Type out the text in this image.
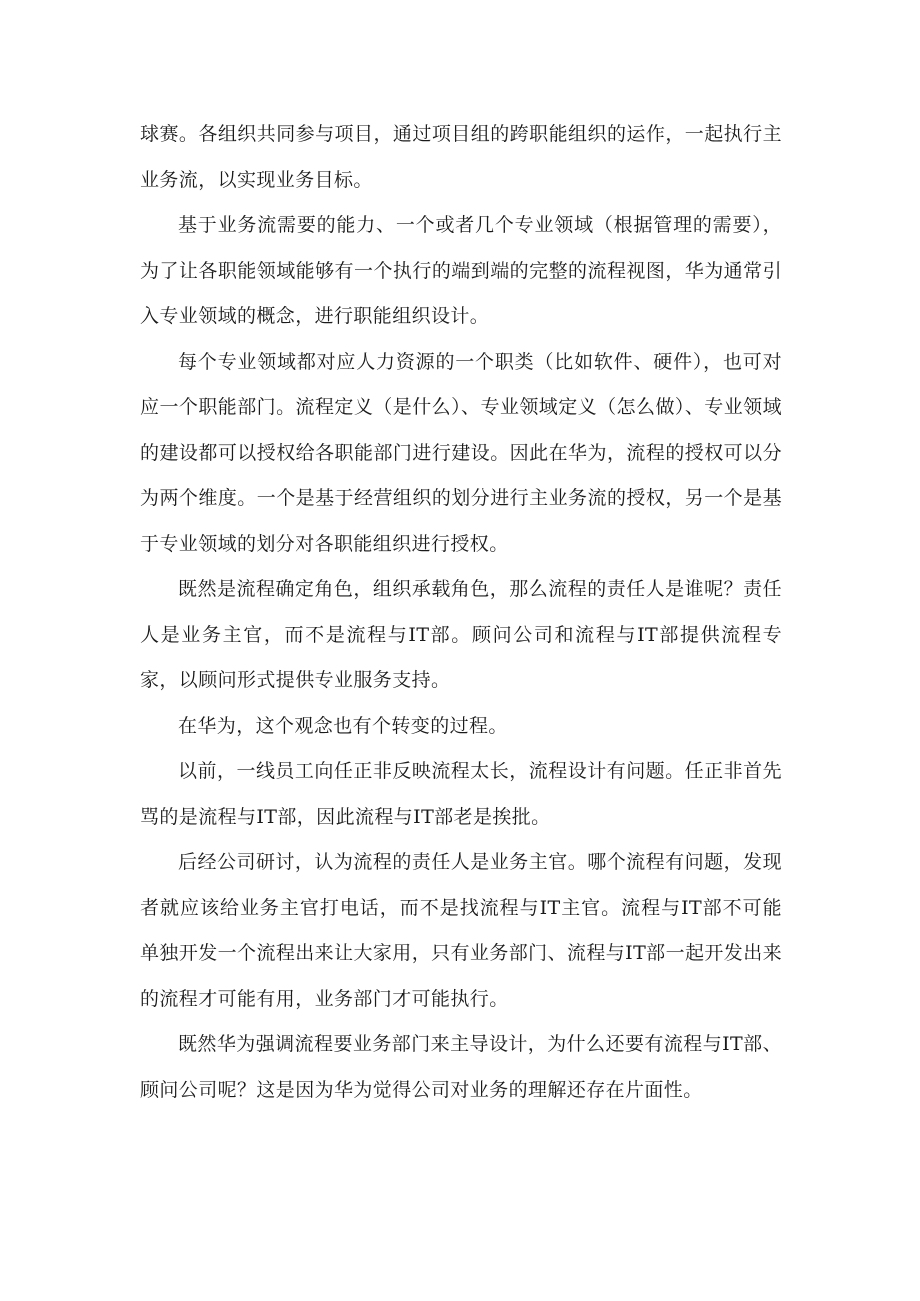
球赛。各组织共同参与项目，通过项目组的跨职能组织的运作，一起执行主业务流，以实现业务目标。

基于业务流需要的能力、一个或者几个专业领域（根据管理的需要），为了让各职能领域能够有一个执行的端到端的完整的流程视图，华为通常引入专业领域的概念，进行职能组织设计。

每个专业领域都对应人力资源的一个职类（比如软件、硬件），也可对应一个职能部门。流程定义（是什么）、专业领域定义（怎么做）、专业领域的建设都可以授权给各职能部门进行建设。因此在华为，流程的授权可以分为两个维度。一个是基于经营组织的划分进行主业务流的授权，另一个是基于专业领域的划分对各职能组织进行授权。

既然是流程确定角色，组织承载角色，那么流程的责任人是谁呢？责任人是业务主官，而不是流程与IT部。顾问公司和流程与IT部提供流程专家，以顾问形式提供专业服务支持。

在华为，这个观念也有个转变的过程。

以前，一线员工向任正非反映流程太长，流程设计有问题。任正非首先骂的是流程与IT部，因此流程与IT部老是挨批。

后经公司研讨，认为流程的责任人是业务主官。哪个流程有问题，发现者就应该给业务主官打电话，而不是找流程与IT主官。流程与IT部不可能单独开发一个流程出来让大家用，只有业务部门、流程与IT部一起开发出来的流程才可能有用，业务部门才可能执行。

既然华为强调流程要业务部门来主导设计，为什么还要有流程与IT部、顾问公司呢？这是因为华为觉得公司对业务的理解还存在片面性。
